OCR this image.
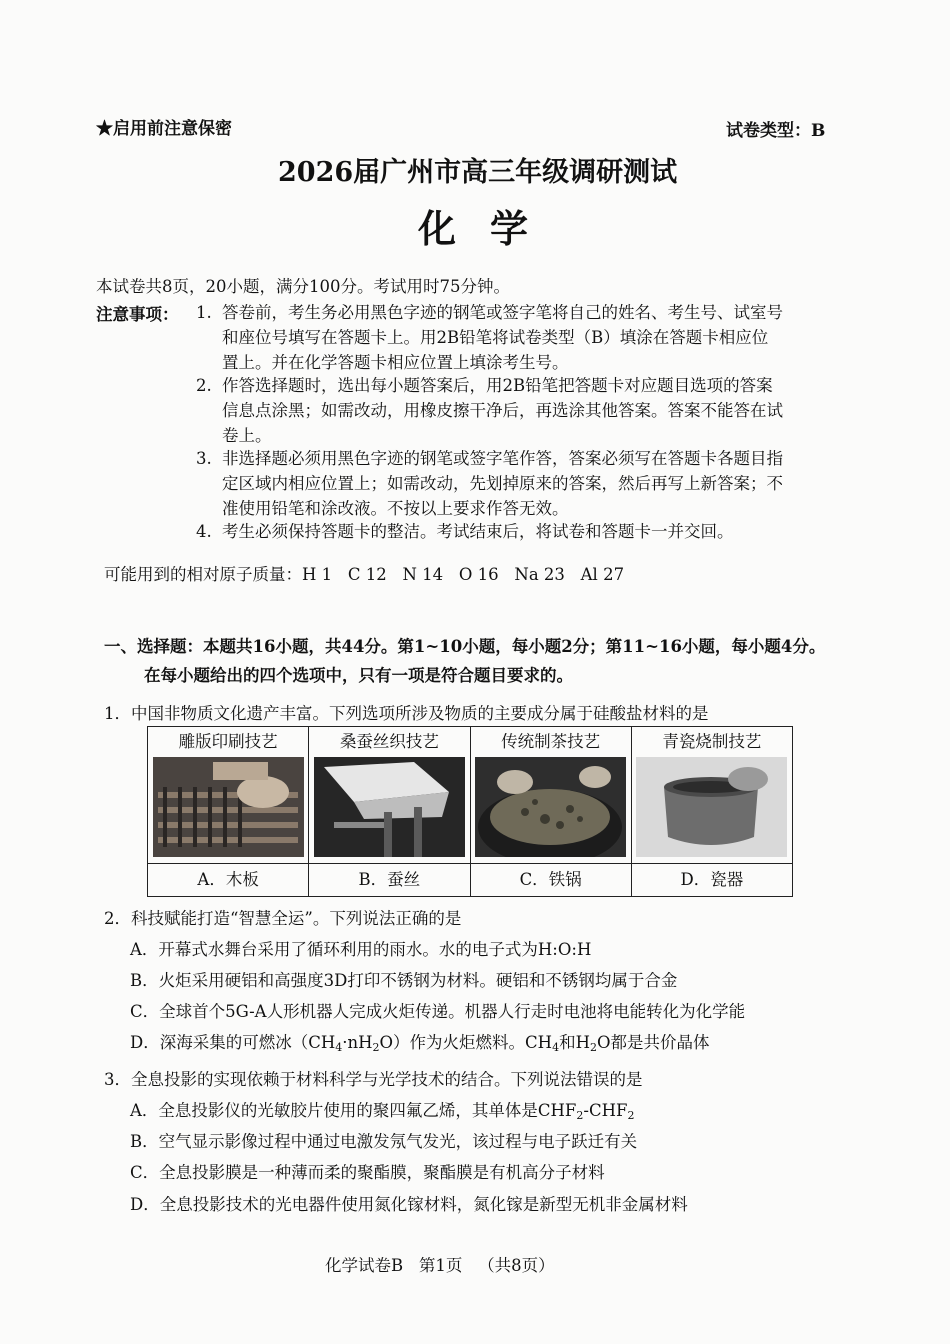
★启用前注意保密	试卷类型：B
2026届广州市高三年级调研测试
化学
本试卷共8页，20小题，满分100分。考试用时75分钟。
注意事项： 1. 答卷前，考生务必用黑色字迹的钢笔或签字笔将自己的姓名、考生号、试室号
和座位号填写在答题卡上。用2B铅笔将试卷类型（B）填涂在答题卡相应位
置上。并在化学答题卡相应位置上填涂考生号。
2. 作答选择题时，选出每小题答案后，用2B铅笔把答题卡对应题目选项的答案
信息点涂黑；如需改动，用橡皮擦干净后，再选涂其他答案。答案不能答在试
卷上。
3. 非选择题必须用黑色字迹的钢笔或签字笔作答，答案必须写在答题卡各题目指
定区域内相应位置上；如需改动，先划掉原来的答案，然后再写上新答案；不
准使用铅笔和涂改液。不按以上要求作答无效。
4. 考生必须保持答题卡的整洁。考试结束后，将试卷和答题卡一并交回。
可能用到的相对原子质量：H 1   C 12   N 14   O 16   Na 23   Al 27
一、选择题：本题共16小题，共44分。第1~10小题，每小题2分；第11~16小题，每小题4分。
在每小题给出的四个选项中，只有一项是符合题目要求的。
1．中国非物质文化遗产丰富。下列选项所涉及物质的主要成分属于硅酸盐材料的是
雕版印刷技艺	桑蚕丝织技艺	传统制茶技艺	青瓷烧制技艺

A．木板	B．蚕丝	C．铁锅	D．瓷器
2．科技赋能打造“智慧全运”。下列说法正确的是
A．开幕式水舞台采用了循环利用的雨水。水的电子式为H:O:H
B．火炬采用硬铝和高强度3D打印不锈钢为材料。硬铝和不锈钢均属于合金
C．全球首个5G-A人形机器人完成火炬传递。机器人行走时电池将电能转化为化学能
D．深海采集的可燃冰$(CH_4\cdot nH_2O)$作为火炬燃料。$CH_4$和$H_2O$都是共价晶体
3．全息投影的实现依赖于材料科学与光学技术的结合。下列说法错误的是
A．全息投影仪的光敏胶片使用的聚四氟乙烯，其单体是$CHF_2-CHF_2$
B．空气显示影像过程中通过电激发氖气发光，该过程与电子跃迁有关
C．全息投影膜是一种薄而柔的聚酯膜，聚酯膜是有机高分子材料
D．全息投影技术的光电器件使用氮化镓材料，氮化镓是新型无机非金属材料
化学试卷B   第1页   （共8页）
